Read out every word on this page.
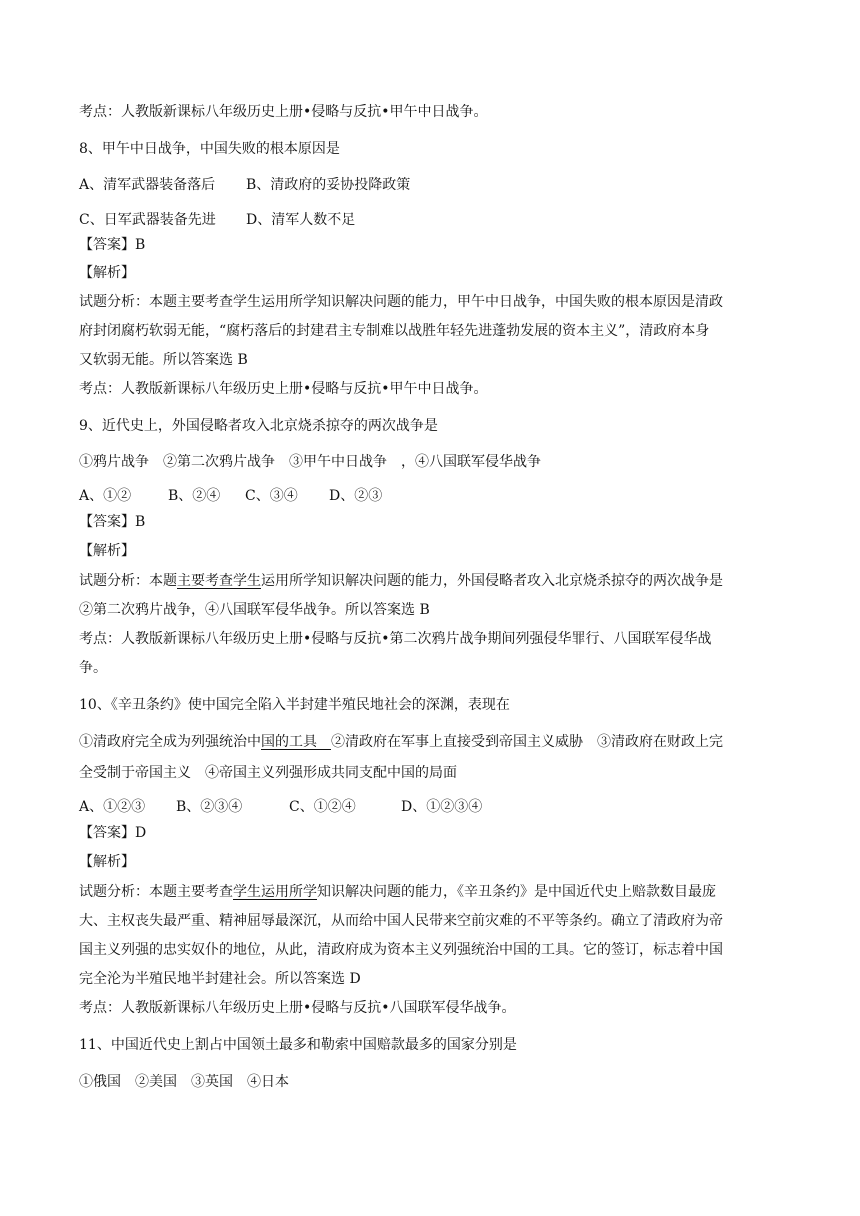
考点：人教版新课标八年级历史上册•侵略与反抗•甲午中日战争。
8、甲午中日战争，中国失败的根本原因是
A、清军武器装备落后 B、清政府的妥协投降政策
C、日军武器装备先进 D、清军人数不足
【答案】B
【解析】
试题分析：本题主要考查学生运用所学知识解决问题的能力，甲午中日战争，中国失败的根本原因是清政
府封闭腐朽软弱无能，“腐朽落后的封建君主专制难以战胜年轻先进蓬勃发展的资本主义”，清政府本身
又软弱无能。所以答案选 B
考点：人教版新课标八年级历史上册•侵略与反抗•甲午中日战争。
9、近代史上，外国侵略者攻入北京烧杀掠夺的两次战争是
①鸦片战争　②第二次鸦片战争　③甲午中日战争　，④八国联军侵华战争
A、①②	B、②④ C、③④ D、②③
【答案】B
【解析】
试题分析：本题主要考查学生运用所学知识解决问题的能力，外国侵略者攻入北京烧杀掠夺的两次战争是
②第二次鸦片战争，④八国联军侵华战争。所以答案选 B
考点：人教版新课标八年级历史上册•侵略与反抗•第二次鸦片战争期间列强侵华罪行、八国联军侵华战
争。
10、《辛丑条约》使中国完全陷入半封建半殖民地社会的深渊，表现在
①清政府完全成为列强统治中国的工具　②清政府在军事上直接受到帝国主义威胁　③清政府在财政上完
全受制于帝国主义　④帝国主义列强形成共同支配中国的局面
A、①②③ B、②③④	C、①②④	D、①②③④
【答案】D
【解析】
试题分析：本题主要考查学生运用所学知识解决问题的能力，《辛丑条约》是中国近代史上赔款数目最庞
大、主权丧失最严重、精神屈辱最深沉，从而给中国人民带来空前灾难的不平等条约。确立了清政府为帝
国主义列强的忠实奴仆的地位，从此，清政府成为资本主义列强统治中国的工具。它的签订，标志着中国
完全沦为半殖民地半封建社会。所以答案选 D
考点：人教版新课标八年级历史上册•侵略与反抗•八国联军侵华战争。
11、中国近代史上割占中国领土最多和勒索中国赔款最多的国家分别是
①俄国　②美国　③英国　④日本
